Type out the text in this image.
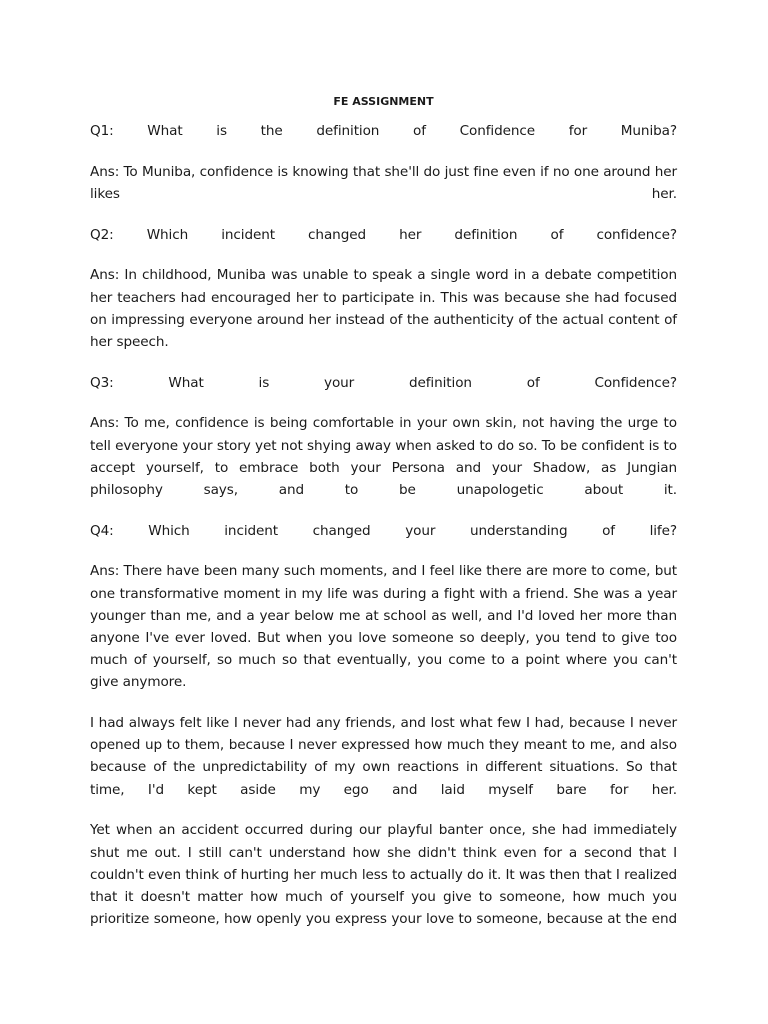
FE ASSIGNMENT

Q1: What is the definition of Confidence for Muniba?

Ans: To Muniba, confidence is knowing that she'll do just fine even if no one around her likes her.

Q2: Which incident changed her definition of confidence?

Ans: In childhood, Muniba was unable to speak a single word in a debate competition her teachers had encouraged her to participate in. This was because she had focused on impressing everyone around her instead of the authenticity of the actual content of her speech.

Q3: What is your definition of Confidence?

Ans: To me, confidence is being comfortable in your own skin, not having the urge to tell everyone your story yet not shying away when asked to do so. To be confident is to accept yourself, to embrace both your Persona and your Shadow, as Jungian philosophy says, and to be unapologetic about it.

Q4: Which incident changed your understanding of life?

Ans: There have been many such moments, and I feel like there are more to come, but one transformative moment in my life was during a fight with a friend. She was a year younger than me, and a year below me at school as well, and I'd loved her more than anyone I've ever loved. But when you love someone so deeply, you tend to give too much of yourself, so much so that eventually, you come to a point where you can't give anymore.

I had always felt like I never had any friends, and lost what few I had, because I never opened up to them, because I never expressed how much they meant to me, and also because of the unpredictability of my own reactions in different situations. So that time, I'd kept aside my ego and laid myself bare for her.

Yet when an accident occurred during our playful banter once, she had immediately shut me out. I still can't understand how she didn't think even for a second that I couldn't even think of hurting her much less to actually do it. It was then that I realized that it doesn't matter how much of yourself you give to someone, how much you prioritize someone, how openly you express your love to someone, because at the end
